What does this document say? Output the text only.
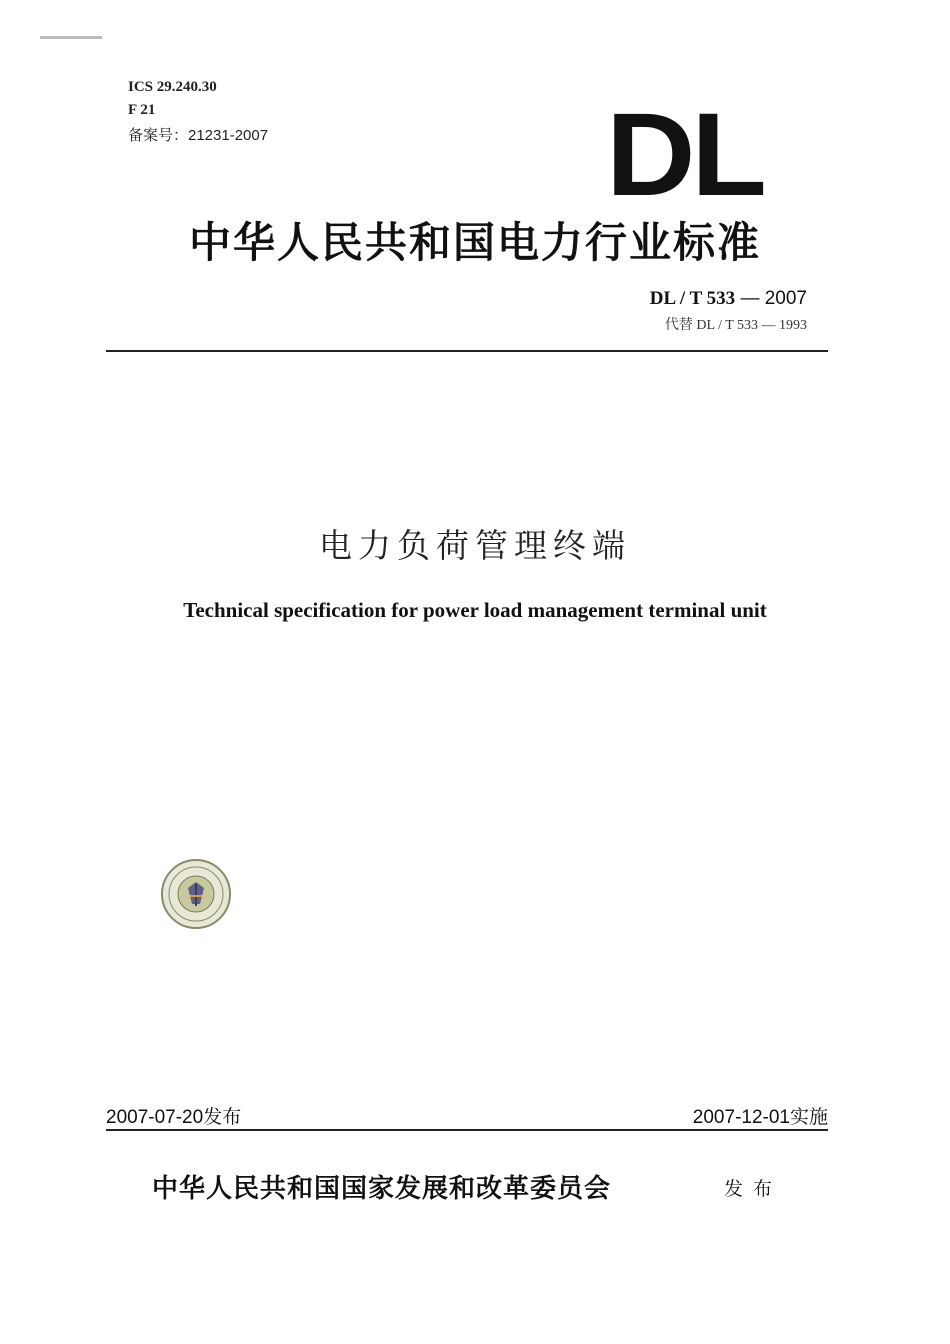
ICS 29.240.30
F 21
备案号：21231-2007	DL
中华人民共和国电力行业标准
DL / T 533 — 2007
代替 DL / T 533 — 1993
电力负荷管理终端
Technical specification for power load management terminal unit
2007-07-20发布	2007-12-01实施
中华人民共和国国家发展和改革委员会	发布
